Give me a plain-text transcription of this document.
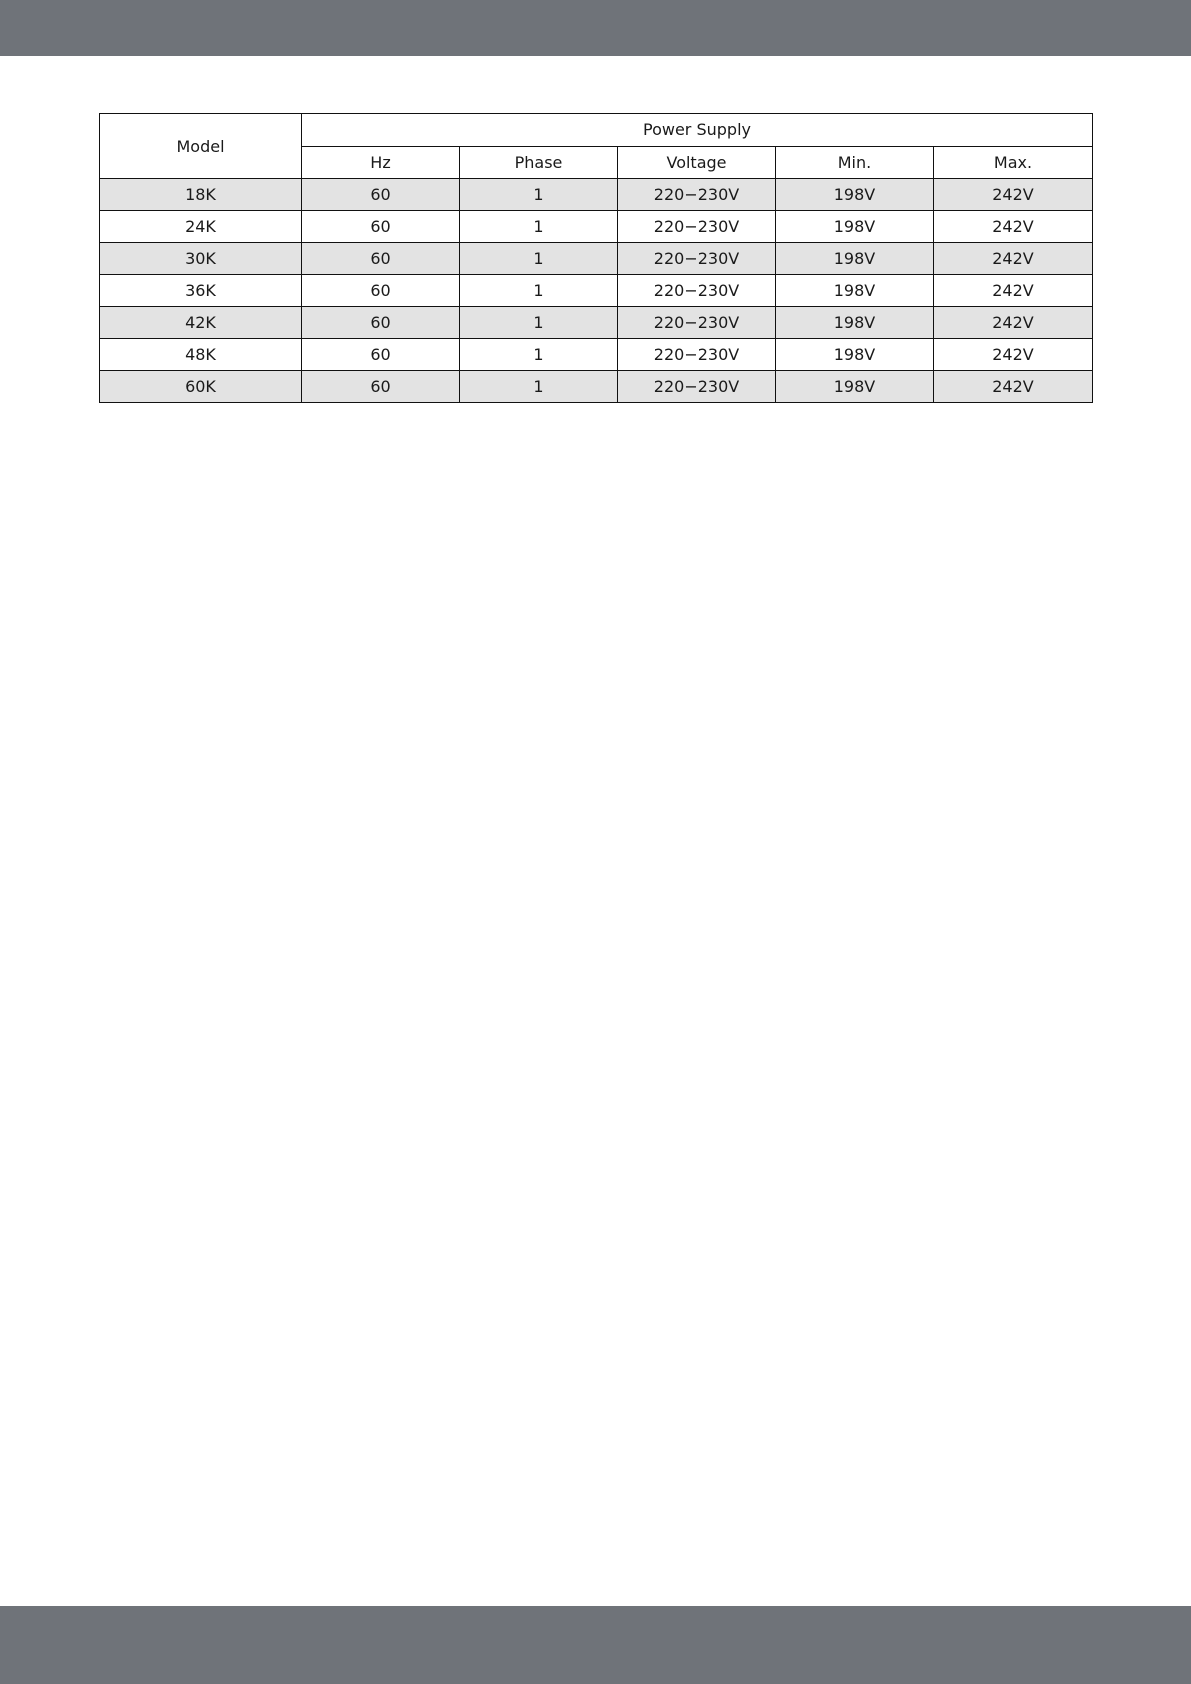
Model	Power Supply				
	Hz	Phase	Voltage	Min.	Max.
18K	60	1	220−230V	198V	242V
24K	60	1	220−230V	198V	242V
30K	60	1	220−230V	198V	242V
36K	60	1	220−230V	198V	242V
42K	60	1	220−230V	198V	242V
48K	60	1	220−230V	198V	242V
60K	60	1	220−230V	198V	242V
